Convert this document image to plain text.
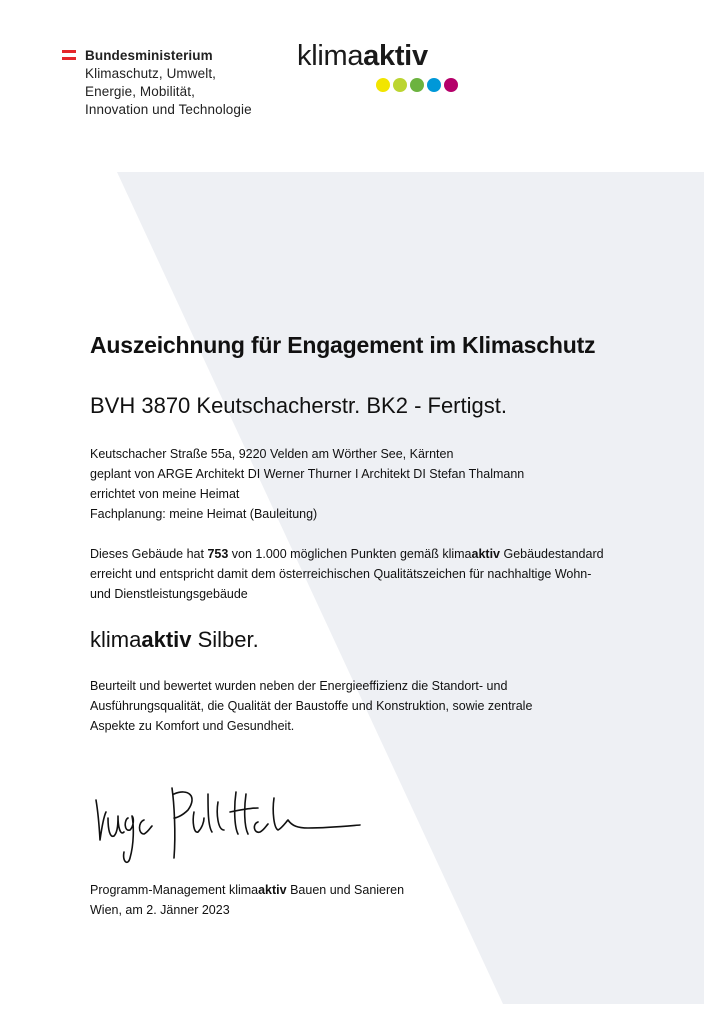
Bundesministerium
Klimaschutz, Umwelt,
Energie, Mobilität,
Innovation und Technologie
klimaaktiv
Auszeichnung für Engagement im Klimaschutz
BVH 3870 Keutschacherstr. BK2 - Fertigst.
Keutschacher Straße 55a, 9220 Velden am Wörther See, Kärnten
geplant von ARGE Architekt DI Werner Thurner I Architekt DI Stefan Thalmann
errichtet von meine Heimat
Fachplanung: meine Heimat (Bauleitung)
Dieses Gebäude hat 753 von 1.000 möglichen Punkten gemäß klimaaktiv Gebäudestandard
erreicht und entspricht damit dem österreichischen Qualitätszeichen für nachhaltige Wohn-
und Dienstleistungsgebäude
klimaaktiv Silber.
Beurteilt und bewertet wurden neben der Energieeffizienz die Standort- und
Ausführungsqualität, die Qualität der Baustoffe und Konstruktion, sowie zentrale
Aspekte zu Komfort und Gesundheit.
Programm-Management klimaaktiv Bauen und Sanieren
Wien, am 2. Jänner 2023
